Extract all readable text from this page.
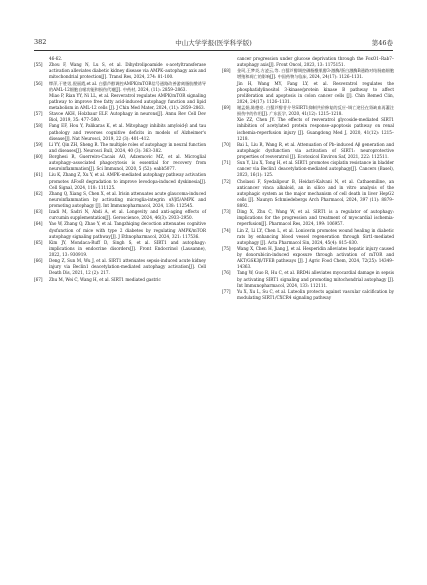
382	中山大学学报(医学科学版)	第46卷
46-62.
[55] Zhou F, Wang N, Lu S, et al. Dihydrolipoamide s-acetyltransferase activation alleviates diabetic kidney disease via AMPK–autophagy axis and mitochondrial protection[J]. Transl Res, 2024, 274: 81-100.
[56] 缪萍,于胜男,倪丽霞,et al. 白藜芦醇调控AMPK/mTOR信号通路改善游离脂肪酸诱导的AML-12细胞自噬功能和损伤代谢[J]. 中药材, 2024, (11): 2859–2863.
Miao P, Rian YY, Ni LL, et al. Resveratrol regulates AMPK/mTOR signaling pathway to improve free fatty acid-induced autophagy function and lipid metabolism in AML-12 cells [J]. J Chin Med Mater, 2024, (11): 2859–2863.
[57] Stavoe AKH, Holzbaur ELF. Autophagy in neurons[J]. Annu Rev Cell Dev Biol, 2019, 35: 477–500.
[58] Fang EF, Hou Y, Palikaras K, et al. Mitophagy inhibits amyloid-β and tau pathology and reverses cognitive deficits in models of Alzheimer's disease[J]. Nat Neurosci, 2019, 22 (3): 401–412.
[59] Li YY, Qin ZH, Sheng R. The multiple roles of autophagy in neural function and diseases[J]. Neurosci Bull, 2024, 40 (3): 363–382.
[60] Borghesi R, Guerreiro-Cacais AO, Adzemovic MZ, et al. Microglial autophagy–associated phagocytosis is essential for recovery from neuroinflammation[J]. Sci Immunol, 2020, 5 (52): eabb5077.
[61] Liu K, Zhang Z, Xu Y, et al. AMPK–mediated autophagy pathway activation promotes ΔFosB degradation to improve levodopa-induced dyskinesia[J]. Cell Signal, 2024, 118: 111125.
[62] Zhang Q, Xiang S, Chen X, et al. Irisin attenuates acute glaucoma-induced neuroinflammation by activating microglia-integrin αVβ5/AMPK and promoting autophagy [J]. Int Immunopharmacol, 2024, 138: 112545.
[63] Izadi M, Sadri N, Abdi A, et al. Longevity and anti-aging effects of curcumin supplementation[J]. Geroscience, 2024, 46(3): 2933–2950.
[64] Yao W, Zhang Q, Zhao Y, et al. Tangzhiqing decoction attenuates cognitive dysfunction of mice with type 2 diabetes by regulating AMPK/mTOR autophagy signaling pathway[J]. J Ethnopharmacol, 2024, 321: 117536.
[65] Kim JY, Mondaca-Ruff D, Singh S, et al. SIRT1 and autophagy: implications in endocrine disorders[J]. Front Endocrinol (Lausanne), 2022, 13: 930919.
[66] Deng Z, Sun M, Wu J, et al. SIRT1 attenuates sepsis-induced acute kidney injury via Beclin1 deacetylation-mediated autophagy activation[J]. Cell Death Dis, 2021, 12 (2): 217.
[67] Zhu M, Wei C, Wang H, et al. SIRT1 mediated gastric
cancer progression under glucose deprivation through the FoxO1–Rab7–autophagy axis[J]. Front Oncol, 2023, 13: 1175151.
[68] 金珂,王梦炎,方凌云,等. 白藜芦醇调控磷脂酰肌醇3-激酶/蛋白激酶B通路对结肠癌细胞增殖和凋亡的影响[J]. 中国药物与临床, 2024, 24(17): 1126–1131.
Jin H, Wang MY, Fang LY, et al. Resveratrol regulates the phosphatidylinositol 3-kinase/protein kinase B pathway to affect proliferation and apoptosis in colon cancer cells [J]. Chin Remed Clin, 2024, 24(17): 1126–1131.
[69] 谢孟娟,陈德亮. 白藜芦醇苷介导SIRT1抑制共价修复的反应–调亡途径在肾缺血再灌注损伤中的作用[J]. 广东医学, 2020, 41(12): 1215–1218.
Xie ZZ, Chen JY. The effects of resveratrol glycoside-mediated SIRT1 inhibition of acetylated protein response–apoptosis pathway on renal ischemia-reperfusion injury [J]. Guangdong Med J, 2020, 41(12): 1215–1218.
[70] Bai L, Liu R, Wang R, et al. Attenuation of Pb–induced Aβ generation and autophagic dysfunction via activation of SIRT1: neuroprotective properties of resveratrol [J]. Ecotoxicol Environ Saf, 2021, 222: 112511.
[71] Sun Y, Liu X, Tong H, et al. SIRT1 promotes cisplatin resistance in bladder cancer via Beclin1 deacetylation-mediated autophagy[J]. Cancers (Basel), 2023, 16(1): 125.
[72] Cholassi F, Syedalipour B, Heidari-Kalvani N, et al. Cathaemiline, an anticancer vinca alkaloid, an in silico and in vitro analysis of the autophagic system as the major mechanism of cell death in liver HepG2 cells [J]. Naunyn Schmiedebergs Arch Pharmacol, 2024, 397 (11): 8879–8892.
[73] Ding X, Zhu C, Wang W, et al. SIRT1 is a regulator of autophagy: implications for the progression and treatment of myocardial ischemia-reperfusion[J]. Pharmacol Res, 2024, 199: 106957.
[74] Lin Z, Li LY, Chen L, et al. Lonicerin promotes wound healing in diabetic rats by enhancing blood vessel regeneration through Sirt1-mediated autophagy [J]. Acta Pharmacol Sin, 2024, 45(4): 815–830.
[75] Wang X, Chen H, Jiang J, et al. Hesperidin alleviates hepatic injury caused by doxorubicin-induced exposure through activation of mTOR and AKT/GSK3β/TFEB pathways [J]. J Agric Food Chem, 2024, 72(25): 14349–14363.
[76] Tang W, Guo R, Hu C, et al. BRD4i alleviates myocardial damage in sepsis by activating SIRT1 signaling and promoting mitochondrial autophagy [J]. Int Immunopharmacol, 2024, 133: 112111.
[77] Yu X, Xu L, Su C, et al. Luteolin protects against vascular calcification by modulating SIRT1/CXCR4 signaling pathway
